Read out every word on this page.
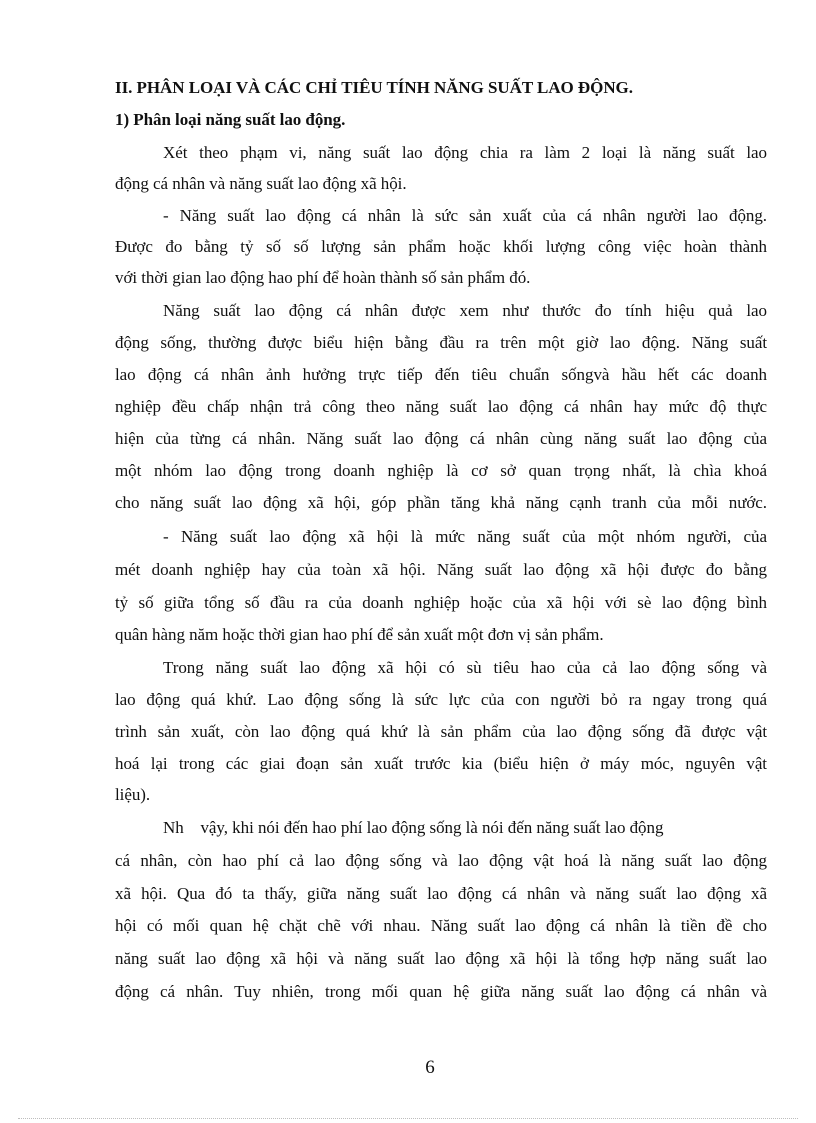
II. PHÂN LOẠI VÀ CÁC CHỈ TIÊU TÍNH NĂNG SUẤT LAO ĐỘNG.
1) Phân loại năng suất lao động.
Xét theo phạm vi, năng suất lao động chia ra làm 2 loại là năng suất lao
động cá nhân và năng suất lao động xã hội.
- Năng suất lao động cá nhân là sức sản xuất của cá nhân người lao động.
Được đo bằng tỷ số số lượng sản phẩm hoặc khối lượng công việc hoàn thành
với thời gian lao động hao phí để hoàn thành số sản phẩm đó.
Năng suất lao động cá nhân được xem như thước đo tính hiệu quả lao
động sống, thường được biểu hiện bằng đầu ra trên một giờ lao động. Năng suất
lao động cá nhân ảnh hưởng trực tiếp đến tiêu chuẩn sốngvà hầu hết các doanh
nghiệp đều chấp nhận trả công theo năng suất lao động cá nhân hay mức độ thực
hiện của từng cá nhân. Năng suất lao động cá nhân cùng năng suất lao động của
một nhóm lao động trong doanh nghiệp là cơ sở quan trọng nhất, là chìa khoá
cho năng suất lao động xã hội, góp phần tăng khả năng cạnh tranh của mỗi nước.
- Năng suất lao động xã hội là mức năng suất của một nhóm người, của
mét doanh nghiệp hay của toàn xã hội. Năng suất lao động xã hội được đo bằng
tỷ số giữa tổng số đầu ra của doanh nghiệp hoặc của xã hội với sè lao động bình
quân hàng năm hoặc thời gian hao phí để sản xuất một đơn vị sản phẩm.
Trong năng suất lao động xã hội có sù tiêu hao của cả lao động sống và
lao động quá khứ. Lao động sống là sức lực của con người bỏ ra ngay trong quá
trình sản xuất, còn lao động quá khứ là sản phẩm của lao động sống đã được vật
hoá lại trong các giai đoạn sản xuất trước kia (biểu hiện ở máy móc, nguyên vật
liệu).
Nh    vậy, khi nói đến hao phí lao động sống là nói đến năng suất lao động
cá nhân, còn hao phí cả lao động sống và lao động vật hoá là năng suất lao động
xã hội. Qua đó ta thấy, giữa năng suất lao động cá nhân và năng suất lao động xã
hội có mối quan hệ chặt chẽ với nhau. Năng suất lao động cá nhân là tiền đề cho
năng suất lao động xã hội và năng suất lao động xã hội là tổng hợp năng suất lao
động cá nhân. Tuy nhiên, trong mối quan hệ giữa năng suất lao động cá nhân và
6
